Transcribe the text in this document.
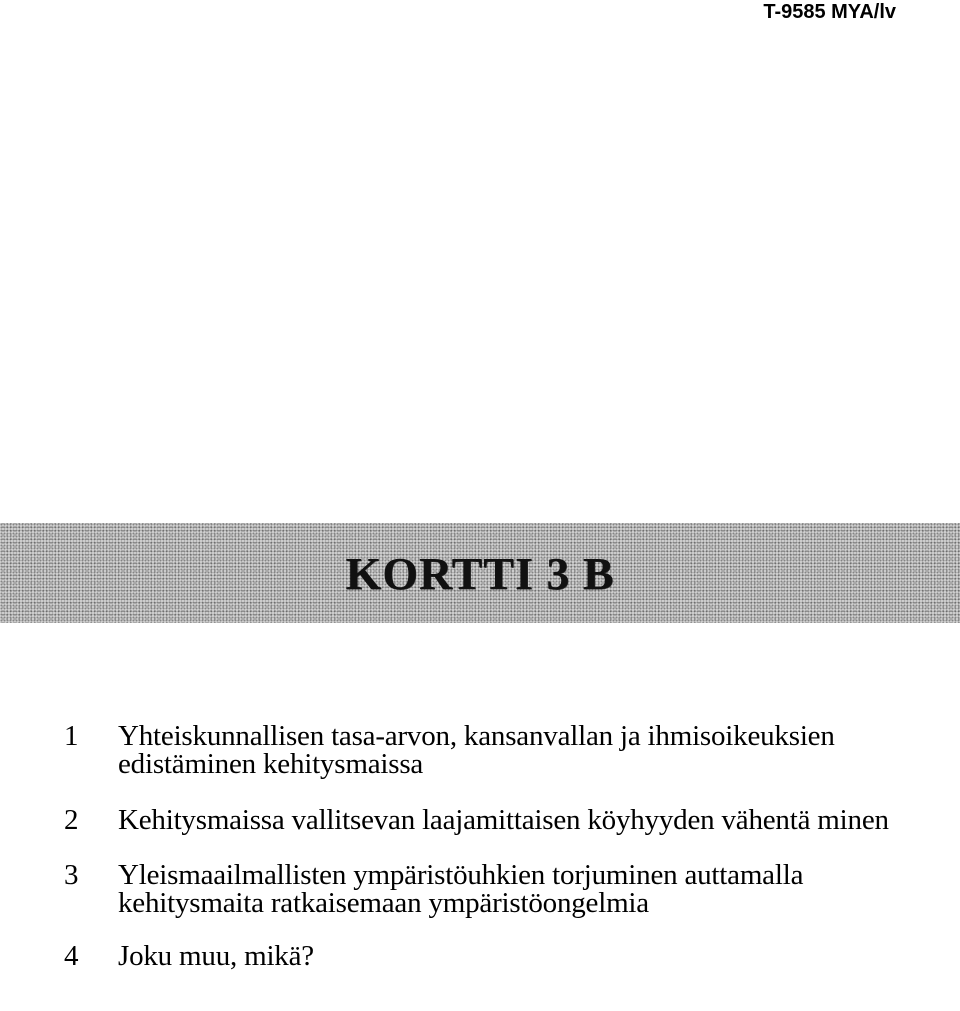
T-9585 MYA/lv
KORTTI 3 B
1	Yhteiskunnallisen tasa-arvon, kansanvallan ja ihmisoikeuksien edistäminen kehitysmaissa
2	Kehitysmaissa vallitsevan laajamittaisen köyhyyden vähentä minen
3	Yleismaailmallisten ympäristöuhkien torjuminen auttamalla kehitysmaita ratkaisemaan ympäristöongelmia
4	Joku muu, mikä?
